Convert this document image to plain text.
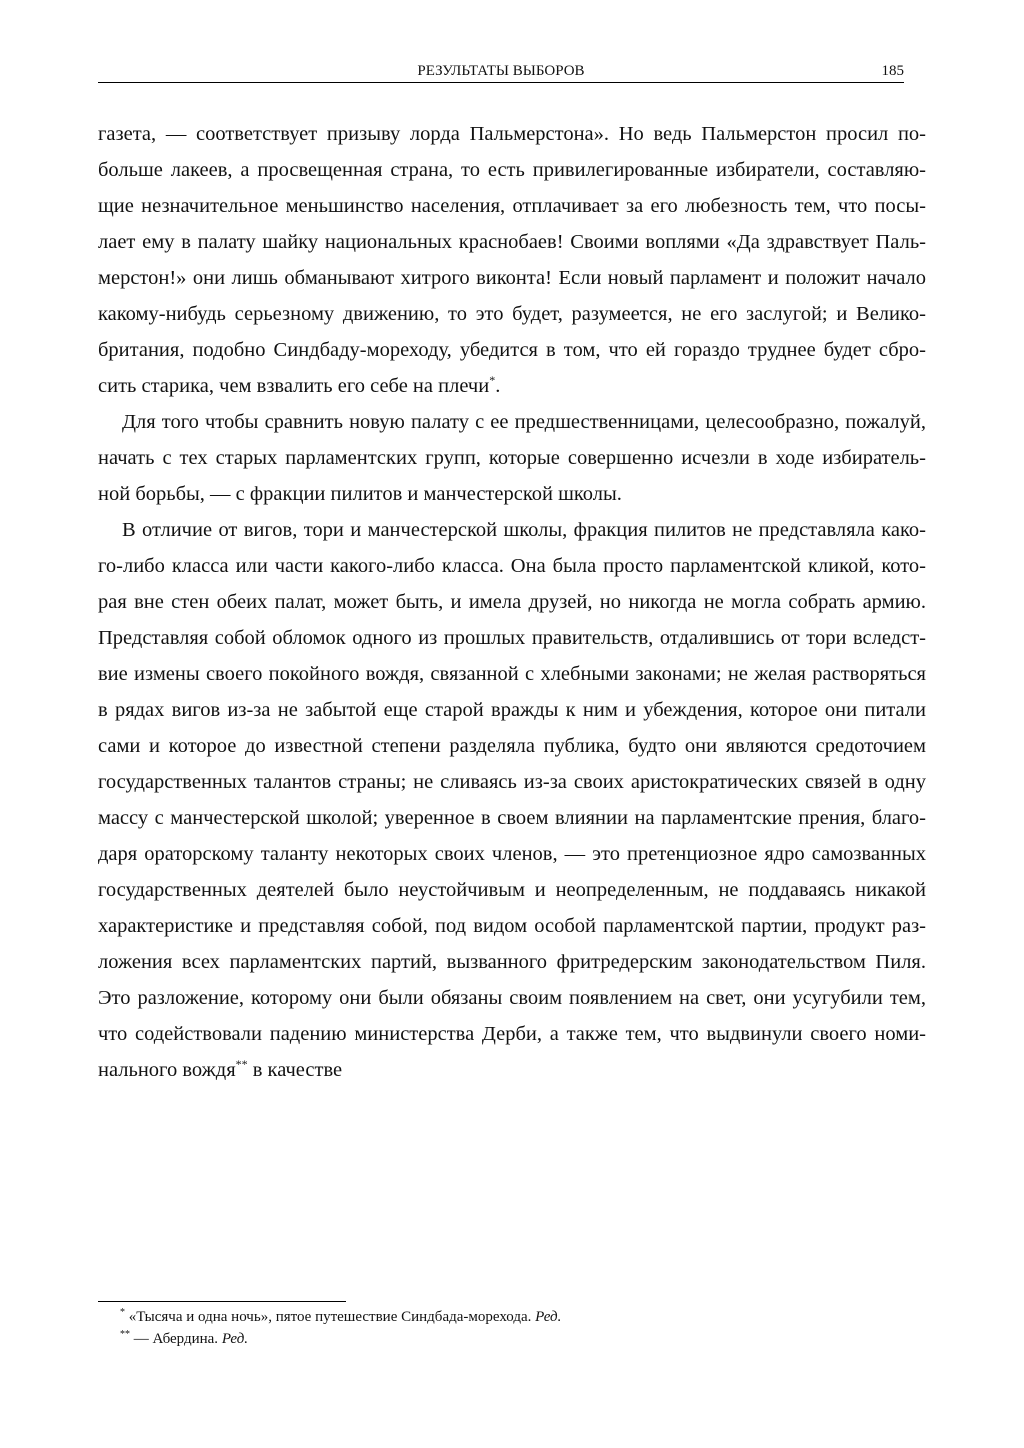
РЕЗУЛЬТАТЫ ВЫБОРОВ	185
газета, — соответствует призыву лорда Пальмерстона». Но ведь Пальмерстон просил по-
больше лакеев, а просвещенная страна, то есть привилегированные избиратели, составляю-
щие незначительное меньшинство населения, отплачивает за его любезность тем, что посы-
лает ему в палату шайку национальных краснобаев! Своими воплями «Да здравствует Паль-
мерстон!» они лишь обманывают хитрого виконта! Если новый парламент и положит начало
какому-нибудь серьезному движению, то это будет, разумеется, не его заслугой; и Велико-
британия, подобно Синдбаду-мореходу, убедится в том, что ей гораздо труднее будет сбро-
сить старика, чем взвалить его себе на плечи*.
Для того чтобы сравнить новую палату с ее предшественницами, целесообразно, пожалуй,
начать с тех старых парламентских групп, которые совершенно исчезли в ходе избиратель-
ной борьбы, — с фракции пилитов и манчестерской школы.
В отличие от вигов, тори и манчестерской школы, фракция пилитов не представляла како-
го-либо класса или части какого-либо класса. Она была просто парламентской кликой, кото-
рая вне стен обеих палат, может быть, и имела друзей, но никогда не могла собрать армию.
Представляя собой обломок одного из прошлых правительств, отдалившись от тори вследст-
вие измены своего покойного вождя, связанной с хлебными законами; не желая растворяться
в рядах вигов из-за не забытой еще старой вражды к ним и убеждения, которое они питали
сами и которое до известной степени разделяла публика, будто они являются средоточием
государственных талантов страны; не сливаясь из-за своих аристократических связей в одну
массу с манчестерской школой; уверенное в своем влиянии на парламентские прения, благо-
даря ораторскому таланту некоторых своих членов, — это претенциозное ядро самозванных
государственных деятелей было неустойчивым и неопределенным, не поддаваясь никакой
характеристике и представляя собой, под видом особой парламентской партии, продукт раз-
ложения всех парламентских партий, вызванного фритредерским законодательством Пиля.
Это разложение, которому они были обязаны своим появлением на свет, они усугубили тем,
что содействовали падению министерства Дерби, а также тем, что выдвинули своего номи-
нального вождя** в качестве
* «Тысяча и одна ночь», пятое путешествие Синдбада-морехода. Ред.
** — Абердина. Ред.
